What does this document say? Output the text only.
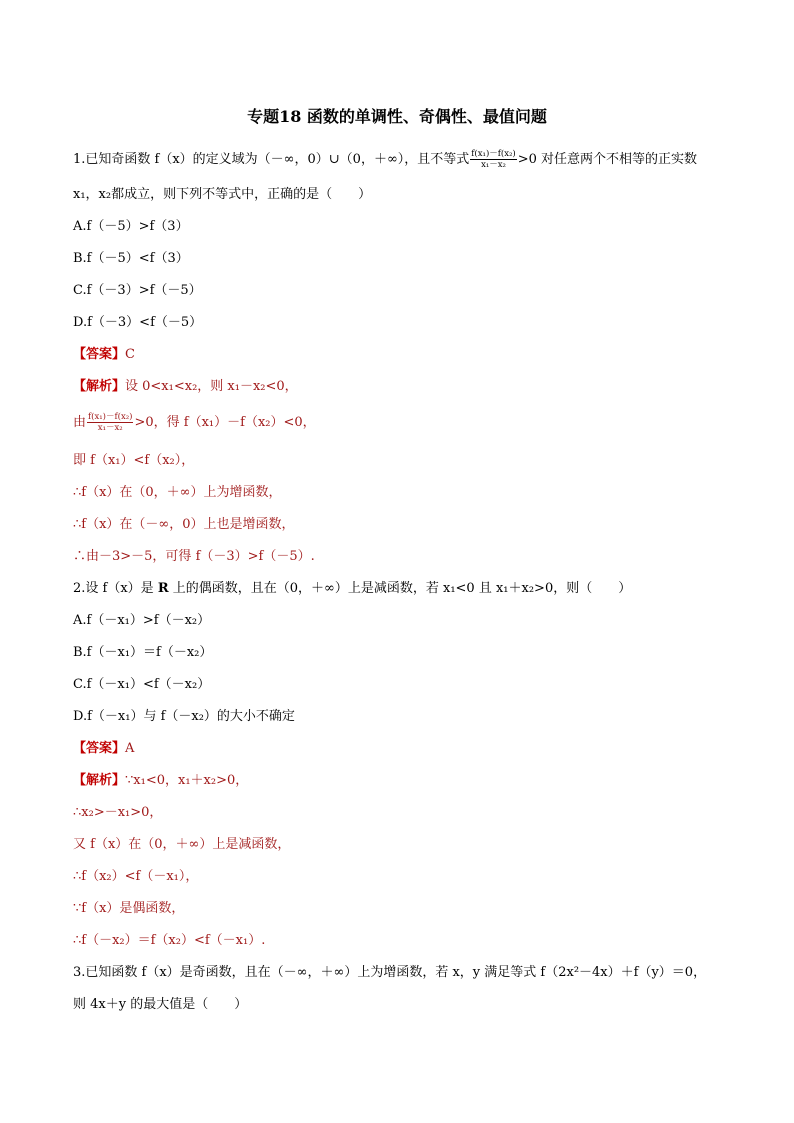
专题18 函数的单调性、奇偶性、最值问题
1.已知奇函数 f（x）的定义域为（－∞，0）∪（0，＋∞），且不等式 $\frac{\text{f(x₁)－f(x₂)}}{\text{x₁－x₂}} >0$ 对任意两个不相等的正实数
x₁，x₂都成立，则下列不等式中，正确的是（　　）
A.f（－5）>f（3）
B.f（－5）<f（3）
C.f（－3）>f（－5）
D.f（－3）<f（－5）
【答案】C
【解析】设 0<x₁<x₂，则 x₁－x₂<0，
由 $\frac{\text{f(x₁)－f(x₂)}}{\text{x₁－x₂}} >0$，得 f（x₁）－f（x₂）<0，
即 f（x₁）<f（x₂），
∴f（x）在（0，＋∞）上为增函数，
∴f（x）在（－∞，0）上也是增函数，
∴由－3>－5，可得 f（－3）>f（－5）.
2.设 f（x）是 R 上的偶函数，且在（0，＋∞）上是减函数，若 x₁<0 且 x₁＋x₂>0，则（　　）
A.f（－x₁）>f（－x₂）
B.f（－x₁）＝f（－x₂）
C.f（－x₁）<f（－x₂）
D.f（－x₁）与 f（－x₂）的大小不确定
【答案】A
【解析】∵x₁<0，x₁＋x₂>0，
∴x₂>－x₁>0，
又 f（x）在（0，＋∞）上是减函数，
∴f（x₂）<f（－x₁），
∵f（x）是偶函数，
∴f（－x₂）＝f（x₂）<f（－x₁）.
3.已知函数 f（x）是奇函数，且在（－∞，＋∞）上为增函数，若 x，y 满足等式 f（2x²－4x）＋f（y）＝0，
则 4x＋y 的最大值是（　　）
